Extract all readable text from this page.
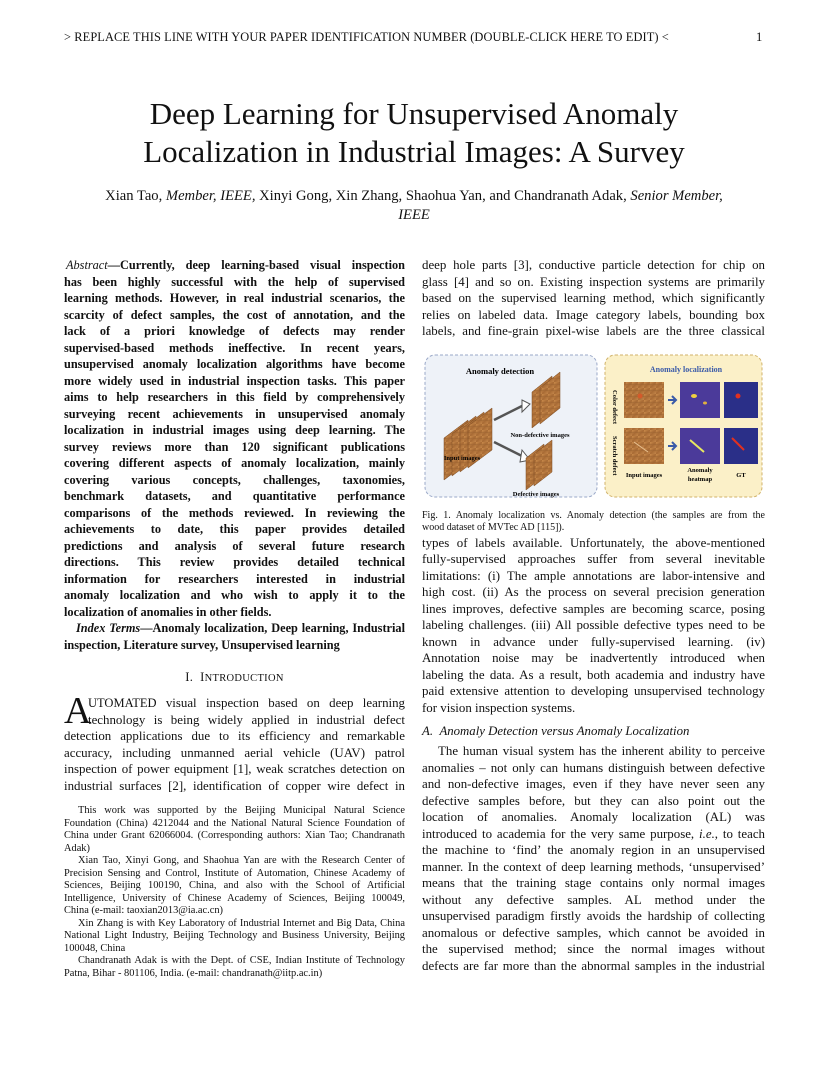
> REPLACE THIS LINE WITH YOUR PAPER IDENTIFICATION NUMBER (DOUBLE-CLICK HERE TO EDIT) <	1
Deep Learning for Unsupervised Anomaly
Localization in Industrial Images: A Survey
Xian Tao, Member, IEEE, Xinyi Gong, Xin Zhang, Shaohua Yan, and Chandranath Adak, Senior Member,
IEEE
Abstract—Currently, deep learning-based visual inspection
has been highly successful with the help of supervised
learning methods. However, in real industrial scenarios, the
scarcity of defect samples, the cost of annotation, and the
lack of a priori knowledge of defects may render
supervised-based methods ineffective. In recent years,
unsupervised anomaly localization algorithms have become
more widely used in industrial inspection tasks. This paper
aims to help researchers in this field by comprehensively
surveying recent achievements in unsupervised anomaly
localization in industrial images using deep learning. The
survey reviews more than 120 significant publications
covering different aspects of anomaly localization, mainly
covering various concepts, challenges, taxonomies,
benchmark datasets, and quantitative performance
comparisons of the methods reviewed. In reviewing the
achievements to date, this paper provides detailed
predictions and analysis of several future research
directions. This review provides detailed technical
information for researchers interested in industrial
anomaly localization and who wish to apply it to the
localization of anomalies in other fields.
Index Terms—Anomaly localization, Deep learning, Industrial
inspection, Literature survey, Unsupervised learning
I. INTRODUCTION
A
UTOMATED visual inspection based on deep learning
technology is being widely applied in industrial defect
detection applications due to its efficiency and remarkable
accuracy, including unmanned aerial vehicle (UAV) patrol
inspection of power equipment [1], weak scratches detection on
industrial surfaces [2], identification of copper wire defect in
This work was supported by the Beijing Municipal Natural Science
Foundation (China) 4212044 and the National Natural Science Foundation of
China under Grant 62066004. (Corresponding authors: Xian Tao; Chandranath
Adak)
Xian Tao, Xinyi Gong, and Shaohua Yan are with the Research Center of
Precision Sensing and Control, Institute of Automation, Chinese Academy of
Sciences, Beijing 100190, China, and also with the School of Artificial
Intelligence, University of Chinese Academy of Sciences, Beijing 100049,
China (e-mail: taoxian2013@ia.ac.cn)
Xin Zhang is with Key Laboratory of Industrial Internet and Big Data, China
National Light Industry, Beijing Technology and Business University, Beijing
100048, China
Chandranath Adak is with the Dept. of CSE, Indian Institute of Technology
Patna, Bihar - 801106, India. (e-mail: chandranath@iitp.ac.in)
deep hole parts [3], conductive particle detection for chip on
glass [4] and so on. Existing inspection systems are primarily
based on the supervised learning method, which significantly
relies on labeled data. Image category labels, bounding box
labels, and fine-grain pixel-wise labels are the three classical
Anomaly detection
Input images
Non-defective images
Defective images
Anomaly localization
Color defect
Scratch defect Input images
Anomaly
heatmap
GT
Fig. 1. Anomaly localization vs. Anomaly detection (the samples are from the
wood dataset of MVTec AD [115]).
types of labels available. Unfortunately, the above-mentioned
fully-supervised approaches suffer from several inevitable
limitations: (i) The ample annotations are labor-intensive and
high cost. (ii) As the process on several precision generation
lines improves, defective samples are becoming scarce, posing
labeling challenges. (iii) All possible defective types need to be
known in advance under fully-supervised learning. (iv)
Annotation noise may be inadvertently introduced when
labeling the data. As a result, both academia and industry have
paid extensive attention to developing unsupervised technology
for vision inspection systems.
A. Anomaly Detection versus Anomaly Localization
The human visual system has the inherent ability to perceive
anomalies – not only can humans distinguish between defective
and non-defective images, even if they have never seen any
defective samples before, but they can also point out the
location of anomalies. Anomaly localization (AL) was
introduced to academia for the very same purpose, i.e., to teach
the machine to ‘find’ the anomaly region in an unsupervised
manner. In the context of deep learning methods, ‘unsupervised’
means that the training stage contains only normal images
without any defective samples. AL method under the
unsupervised paradigm firstly avoids the hardship of collecting
anomalous or defective samples, which cannot be avoided in
the supervised method; since the normal images without
defects are far more than the abnormal samples in the industrial
